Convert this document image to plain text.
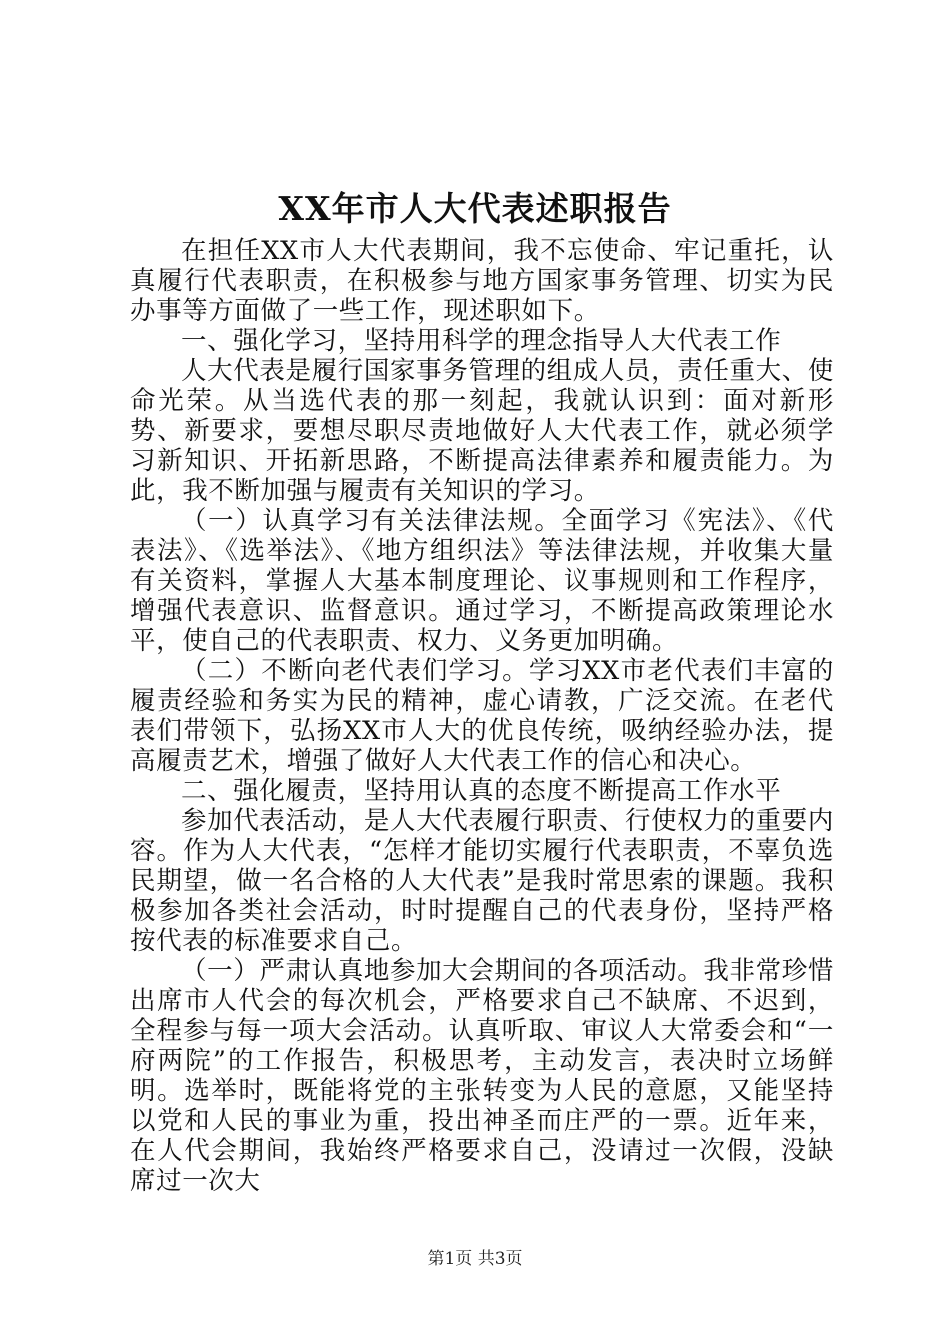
XX年市人大代表述职报告

在担任XX市人大代表期间，我不忘使命、牢记重托，认真履行代表职责，在积极参与地方国家事务管理、切实为民办事等方面做了一些工作，现述职如下。

一、强化学习，坚持用科学的理念指导人大代表工作

人大代表是履行国家事务管理的组成人员，责任重大、使命光荣。从当选代表的那一刻起，我就认识到：面对新形势、新要求，要想尽职尽责地做好人大代表工作，就必须学习新知识、开拓新思路，不断提高法律素养和履责能力。为此，我不断加强与履责有关知识的学习。

（一）认真学习有关法律法规。全面学习《宪法》、《代表法》、《选举法》、《地方组织法》等法律法规，并收集大量有关资料，掌握人大基本制度理论、议事规则和工作程序，增强代表意识、监督意识。通过学习，不断提高政策理论水平，使自己的代表职责、权力、义务更加明确。

（二）不断向老代表们学习。学习XX市老代表们丰富的履责经验和务实为民的精神，虚心请教，广泛交流。在老代表们带领下，弘扬XX市人大的优良传统，吸纳经验办法，提高履责艺术，增强了做好人大代表工作的信心和决心。

二、强化履责，坚持用认真的态度不断提高工作水平

参加代表活动，是人大代表履行职责、行使权力的重要内容。作为人大代表，“怎样才能切实履行代表职责，不辜负选民期望，做一名合格的人大代表”是我时常思索的课题。我积极参加各类社会活动，时时提醒自己的代表身份，坚持严格按代表的标准要求自己。

（一）严肃认真地参加大会期间的各项活动。我非常珍惜出席市人代会的每次机会，严格要求自己不缺席、不迟到，全程参与每一项大会活动。认真听取、审议人大常委会和“一府两院”的工作报告，积极思考，主动发言，表决时立场鲜明。选举时，既能将党的主张转变为人民的意愿，又能坚持以党和人民的事业为重，投出神圣而庄严的一票。近年来，在人代会期间，我始终严格要求自己，没请过一次假，没缺席过一次大

第1页 共3页
